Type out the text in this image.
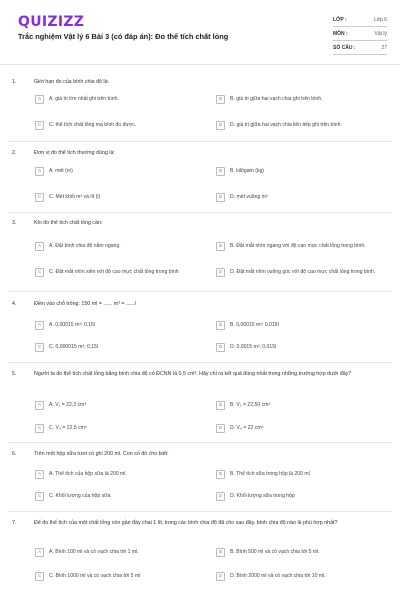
QUIZIZZ
Trắc nghiệm Vật lý 6 Bài 3 (có đáp án): Đo thể tích chất lỏng
LỚP :	Lớp 6
MÔN :	Vật lý
SỐ CÂU :	27
1.	Giới hạn đo của bình chia độ là:
2.	Đơn vị đo thể tích thường dùng là:
3.	Khi đo thể tích chất lỏng cần:
4.	Điền vào chỗ trống: 150 ml = ...... m³ = ......l
5.	Người ta đo thể tích chất lỏng bằng bình chia độ có ĐCNN là 0,5 cm³. Hãy chỉ ra kết quả đúng nhất trong những trường hợp dưới đây?
6.	Trên một hộp sữa tươi có ghi 200 ml. Con số đó cho biết:
7.	Để đo thể tích của một chất lỏng còn gần đầy chai 1 lít, trong các bình chia độ đã cho sau đây, bình chia độ nào là phù hợp nhất?
A	A. giá trị lớn nhất ghi trên bình.	B	B. giá trị giữa hai vạch chia ghi trên bình.
C	C. thể tích chất lỏng mà bình đo được.	D	D. giá trị giữa hai vạch chia liên tiếp ghi trên bình.
A	A. mét (m)	B	B. kilôgam (kg)
C	C. Mét khối m³ và lít (l)	D	D. mét vuông m²
A	A. Đặt bình chia độ nằm ngang.	B	B. Đặt mắt nhìn ngang với độ cao mực chất lỏng trong bình.
C	C. Đặt mắt nhìn xiên với độ cao mực chất lỏng trong bình	D	D. Đặt mắt nhìn vuông góc với độ cao mực chất lỏng trong bình.
A	A. 0,00015 m³; 0,15l	B	B. 0,00015 m³; 0,015l
C	C. 0,000015 m³; 0,15l	D	D. 0,0015 m³; 0,015l
A	A. V₁ = 22,3 cm³	B	B. V₂ = 22,50 cm³
C	C. V₃ = 22,5 cm³	D	D. V₄ = 22 cm³
A	A. Thể tích của hộp sữa là 200 ml.	B	B. Thể tích sữa trong hộp là 200 ml
C	C. Khối lượng của hộp sữa	D	D. Khối lượng sữa trong hộp
A	A. Bình 100 ml và có vạch chia tới 1 ml.	B	B. Bình 500 ml và có vạch chia tới 5 ml.
C	C. Bình 1000 ml và có vạch chia tới 5 ml	D	D. Bình 2000 ml và có vạch chia tới 10 ml.
